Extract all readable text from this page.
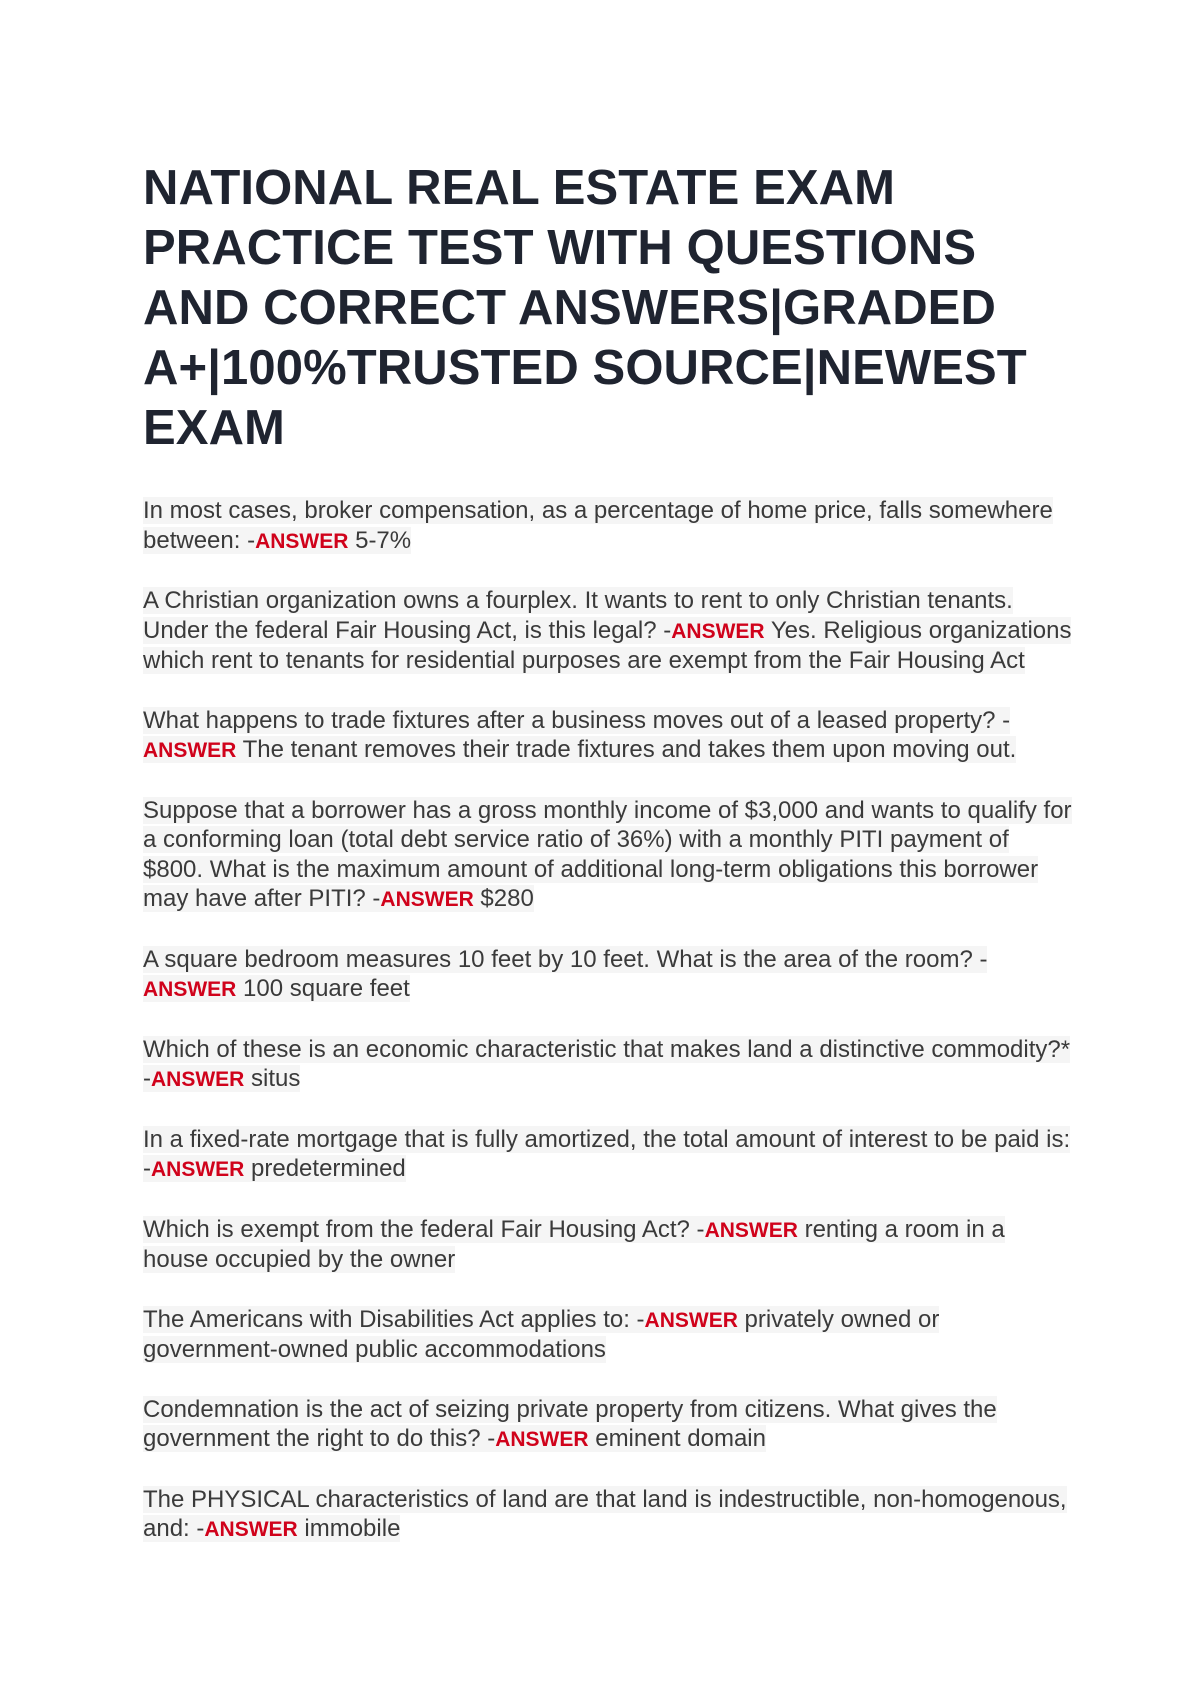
NATIONAL REAL ESTATE EXAM PRACTICE TEST WITH QUESTIONS AND CORRECT ANSWERS|GRADED A+|100%TRUSTED SOURCE|NEWEST EXAM
In most cases, broker compensation, as a percentage of home price, falls somewhere between: -ANSWER 5-7%
A Christian organization owns a fourplex. It wants to rent to only Christian tenants. Under the federal Fair Housing Act, is this legal? -ANSWER Yes. Religious organizations which rent to tenants for residential purposes are exempt from the Fair Housing Act
What happens to trade fixtures after a business moves out of a leased property? -ANSWER The tenant removes their trade fixtures and takes them upon moving out.
Suppose that a borrower has a gross monthly income of $3,000 and wants to qualify for a conforming loan (total debt service ratio of 36%) with a monthly PITI payment of $800. What is the maximum amount of additional long-term obligations this borrower may have after PITI? -ANSWER $280
A square bedroom measures 10 feet by 10 feet. What is the area of the room? -ANSWER 100 square feet
Which of these is an economic characteristic that makes land a distinctive commodity?* -ANSWER situs
In a fixed-rate mortgage that is fully amortized, the total amount of interest to be paid is: -ANSWER predetermined
Which is exempt from the federal Fair Housing Act? -ANSWER renting a room in a house occupied by the owner
The Americans with Disabilities Act applies to: -ANSWER privately owned or government-owned public accommodations
Condemnation is the act of seizing private property from citizens. What gives the government the right to do this? -ANSWER eminent domain
The PHYSICAL characteristics of land are that land is indestructible, non-homogenous, and: -ANSWER immobile
